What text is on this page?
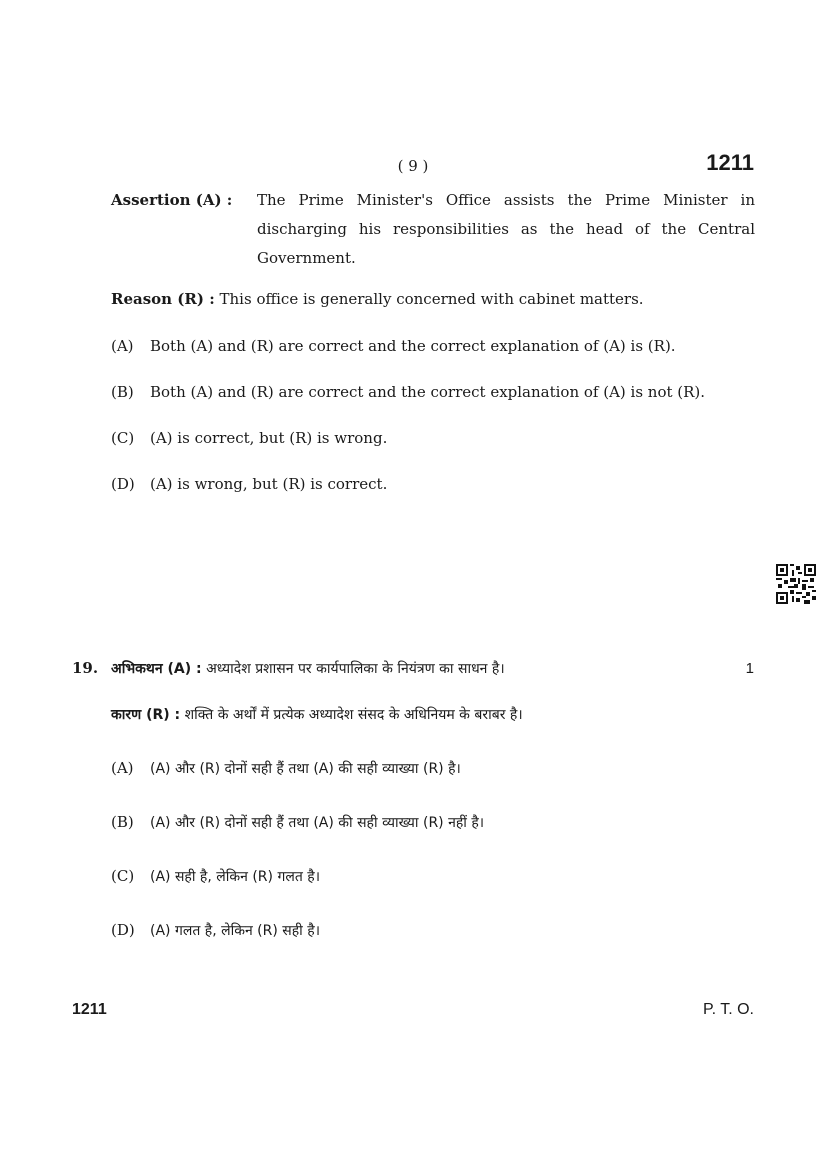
( 9 )	1211
Assertion (A) :	The Prime Minister's Office assists the Prime Minister in discharging his responsibilities as the head of the Central Government.
Reason (R) : This office is generally concerned with cabinet matters.
(A) Both (A) and (R) are correct and the correct explanation of (A) is (R).
(B) Both (A) and (R) are correct and the correct explanation of (A) is not (R).
(C) (A) is correct, but (R) is wrong.
(D) (A) is wrong, but (R) is correct.
19. अभिकथन (A) : अध्यादेश प्रशासन पर कार्यपालिका के नियंत्रण का साधन है।	1
कारण (R) : शक्ति के अर्थों में प्रत्येक अध्यादेश संसद के अधिनियम के बराबर है।
(A) (A) और (R) दोनों सही हैं तथा (A) की सही व्याख्या (R) है।
(B) (A) और (R) दोनों सही हैं तथा (A) की सही व्याख्या (R) नहीं है।
(C) (A) सही है, लेकिन (R) गलत है।
(D) (A) गलत है, लेकिन (R) सही है।
1211	P. T. O.
